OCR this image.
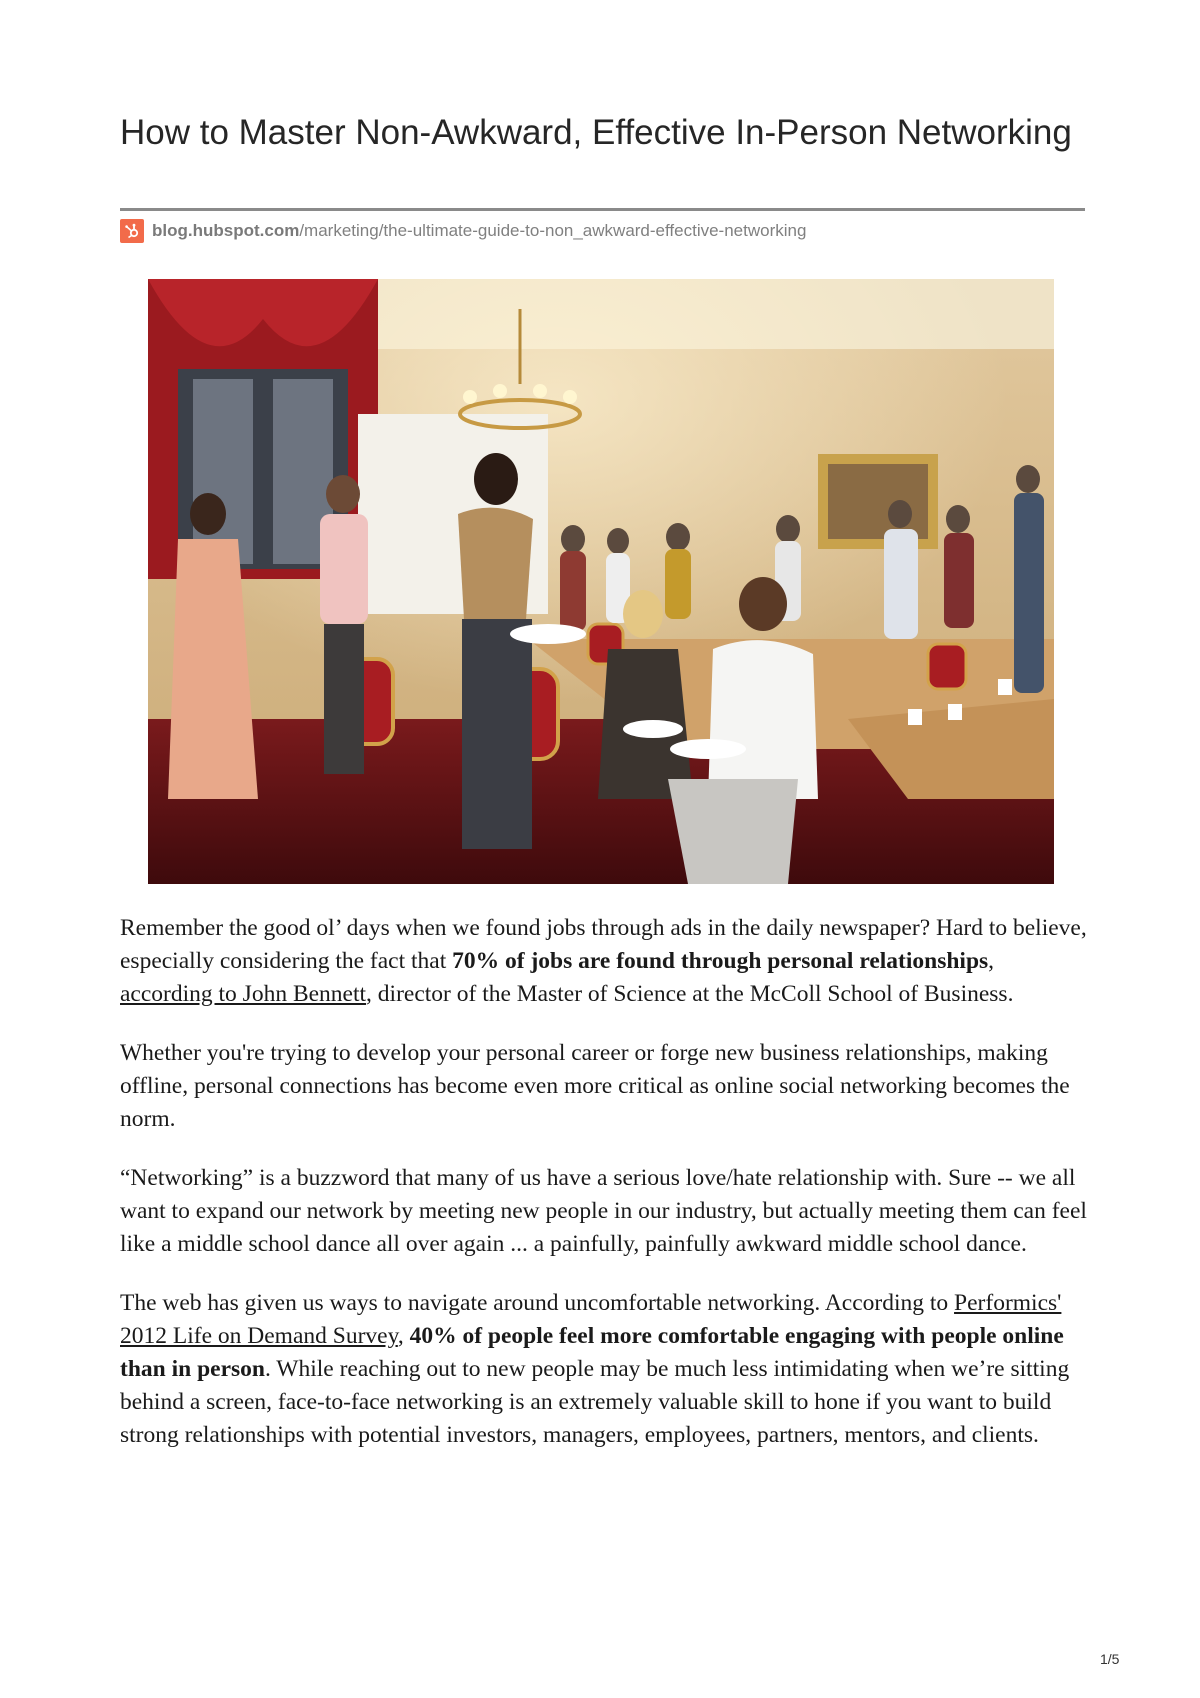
How to Master Non-Awkward, Effective In-Person Networking
blog.hubspot.com /marketing/the-ultimate-guide-to-non_awkward-effective-networking

Remember the good ol’ days when we found jobs through ads in the daily newspaper? Hard to believe, especially considering the fact that 70% of jobs are found through personal relationships, according to John Bennett, director of the Master of Science at the McColl School of Business.

Whether you're trying to develop your personal career or forge new business relationships, making offline, personal connections has become even more critical as online social networking becomes the norm.

“Networking” is a buzzword that many of us have a serious love/hate relationship with. Sure -- we all want to expand our network by meeting new people in our industry, but actually meeting them can feel like a middle school dance all over again ... a painfully, painfully awkward middle school dance.

The web has given us ways to navigate around uncomfortable networking. According to Performics' 2012 Life on Demand Survey, 40% of people feel more comfortable engaging with people online than in person. While reaching out to new people may be much less intimidating when we’re sitting behind a screen, face-to-face networking is an extremely valuable skill to hone if you want to build strong relationships with potential investors, managers, employees, partners, mentors, and clients.

1/5
